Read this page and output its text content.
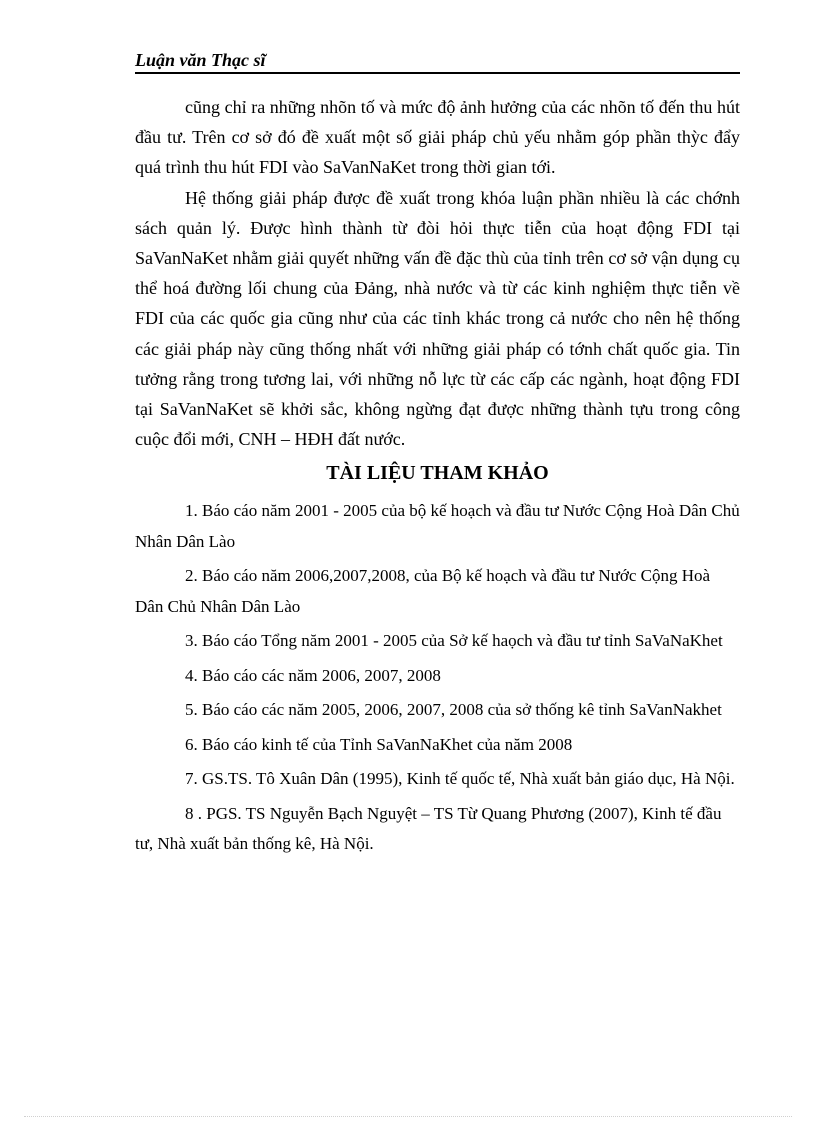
Luận văn Thạc sĩ

cũng chỉ ra những nhõn tố và mức độ ảnh hưởng của các nhõn tố đến thu hút đầu tư. Trên cơ sở đó đề xuất một số giải pháp chủ yếu nhằm góp phần thỳc đẩy quá trình thu hút FDI vào SaVanNaKet trong thời gian tới.

Hệ thống giải pháp được đề xuất trong khóa luận phần nhiều là các chớnh sách quản lý. Được hình thành từ đòi hỏi thực tiễn của hoạt động FDI tại SaVanNaKet nhằm giải quyết những vấn đề đặc thù của tỉnh trên cơ sở vận dụng cụ thể hoá đường lối chung của Đảng, nhà nước và từ các kinh nghiệm thực tiễn về FDI của các quốc gia cũng như của các tỉnh khác trong cả nước cho nên hệ thống các giải pháp này cũng thống nhất với những giải pháp có tớnh chất quốc gia. Tin tưởng rằng trong tương lai, với những nỗ lực từ các cấp các ngành, hoạt động FDI tại SaVanNaKet sẽ khởi sắc, không ngừng đạt được những thành tựu trong công cuộc đổi mới, CNH – HĐH đất nước.

TÀI LIỆU THAM KHẢO

1. Báo cáo năm 2001 - 2005 của bộ kế hoạch và đầu tư Nước Cộng Hoà Dân Chủ Nhân Dân Lào

2. Báo cáo năm 2006,2007,2008, của Bộ kế hoạch và đầu tư Nước Cộng Hoà Dân Chủ Nhân Dân Lào

3. Báo cáo Tổng năm 2001 - 2005 của Sở kế haọch và đầu tư tỉnh SaVaNaKhet

4. Báo cáo các năm 2006, 2007, 2008

5. Báo cáo các năm 2005, 2006, 2007, 2008 của sở thống kê tỉnh SaVanNakhet

6. Báo cáo kinh tế của Tỉnh SaVanNaKhet của năm 2008

7. GS.TS. Tô Xuân Dân (1995), Kinh tế quốc tế, Nhà xuất bản giáo dục, Hà Nội.

8 . PGS. TS Nguyễn Bạch Nguyệt – TS Từ Quang Phương (2007), Kinh tế đầu tư, Nhà xuất bản thống kê, Hà Nội.
